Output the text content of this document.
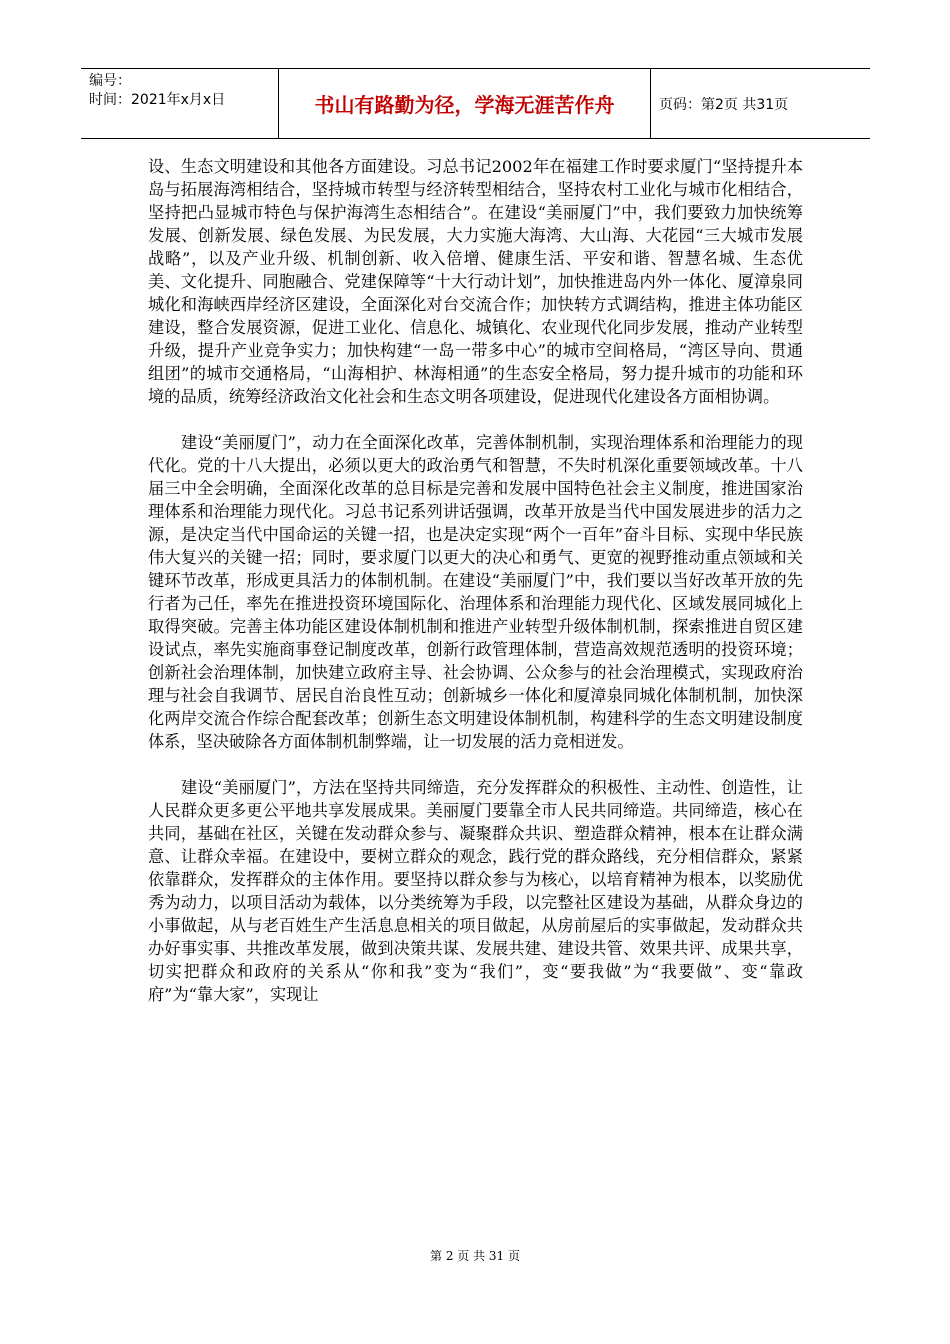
编号：
时间：2021年x月x日	书山有路勤为径，学海无涯苦作舟	页码：第2页 共31页

设、生态文明建设和其他各方面建设。习总书记2002年在福建工作时要求厦门“坚持提升本岛与拓展海湾相结合，坚持城市转型与经济转型相结合，坚持农村工业化与城市化相结合，坚持把凸显城市特色与保护海湾生态相结合”。在建设“美丽厦门”中，我们要致力加快统筹发展、创新发展、绿色发展、为民发展，大力实施大海湾、大山海、大花园“三大城市发展战略”，以及产业升级、机制创新、收入倍增、健康生活、平安和谐、智慧名城、生态优美、文化提升、同胞融合、党建保障等“十大行动计划”，加快推进岛内外一体化、厦漳泉同城化和海峡西岸经济区建设，全面深化对台交流合作；加快转方式调结构，推进主体功能区建设，整合发展资源，促进工业化、信息化、城镇化、农业现代化同步发展，推动产业转型升级，提升产业竞争实力；加快构建“一岛一带多中心”的城市空间格局，“湾区导向、贯通组团”的城市交通格局，“山海相护、林海相通”的生态安全格局，努力提升城市的功能和环境的品质，统筹经济政治文化社会和生态文明各项建设，促进现代化建设各方面相协调。

建设“美丽厦门”，动力在全面深化改革，完善体制机制，实现治理体系和治理能力的现代化。党的十八大提出，必须以更大的政治勇气和智慧，不失时机深化重要领域改革。十八届三中全会明确，全面深化改革的总目标是完善和发展中国特色社会主义制度，推进国家治理体系和治理能力现代化。习总书记系列讲话强调，改革开放是当代中国发展进步的活力之源，是决定当代中国命运的关键一招，也是决定实现“两个一百年”奋斗目标、实现中华民族伟大复兴的关键一招；同时，要求厦门以更大的决心和勇气、更宽的视野推动重点领域和关键环节改革，形成更具活力的体制机制。在建设“美丽厦门”中，我们要以当好改革开放的先行者为己任，率先在推进投资环境国际化、治理体系和治理能力现代化、区域发展同城化上取得突破。完善主体功能区建设体制机制和推进产业转型升级体制机制，探索推进自贸区建设试点，率先实施商事登记制度改革，创新行政管理体制，营造高效规范透明的投资环境；创新社会治理体制，加快建立政府主导、社会协调、公众参与的社会治理模式，实现政府治理与社会自我调节、居民自治良性互动；创新城乡一体化和厦漳泉同城化体制机制，加快深化两岸交流合作综合配套改革；创新生态文明建设体制机制，构建科学的生态文明建设制度体系，坚决破除各方面体制机制弊端，让一切发展的活力竞相迸发。

建设“美丽厦门”，方法在坚持共同缔造，充分发挥群众的积极性、主动性、创造性，让人民群众更多更公平地共享发展成果。美丽厦门要靠全市人民共同缔造。共同缔造，核心在共同，基础在社区，关键在发动群众参与、凝聚群众共识、塑造群众精神，根本在让群众满意、让群众幸福。在建设中，要树立群众的观念，践行党的群众路线，充分相信群众，紧紧依靠群众，发挥群众的主体作用。要坚持以群众参与为核心，以培育精神为根本，以奖励优秀为动力，以项目活动为载体，以分类统筹为手段，以完整社区建设为基础，从群众身边的小事做起，从与老百姓生产生活息息相关的项目做起，从房前屋后的实事做起，发动群众共办好事实事、共推改革发展，做到决策共谋、发展共建、建设共管、效果共评、成果共享，切实把群众和政府的关系从“你和我”变为“我们”，变“要我做”为“我要做”、变“靠政府”为“靠大家”，实现让

第 2 页 共 31 页
